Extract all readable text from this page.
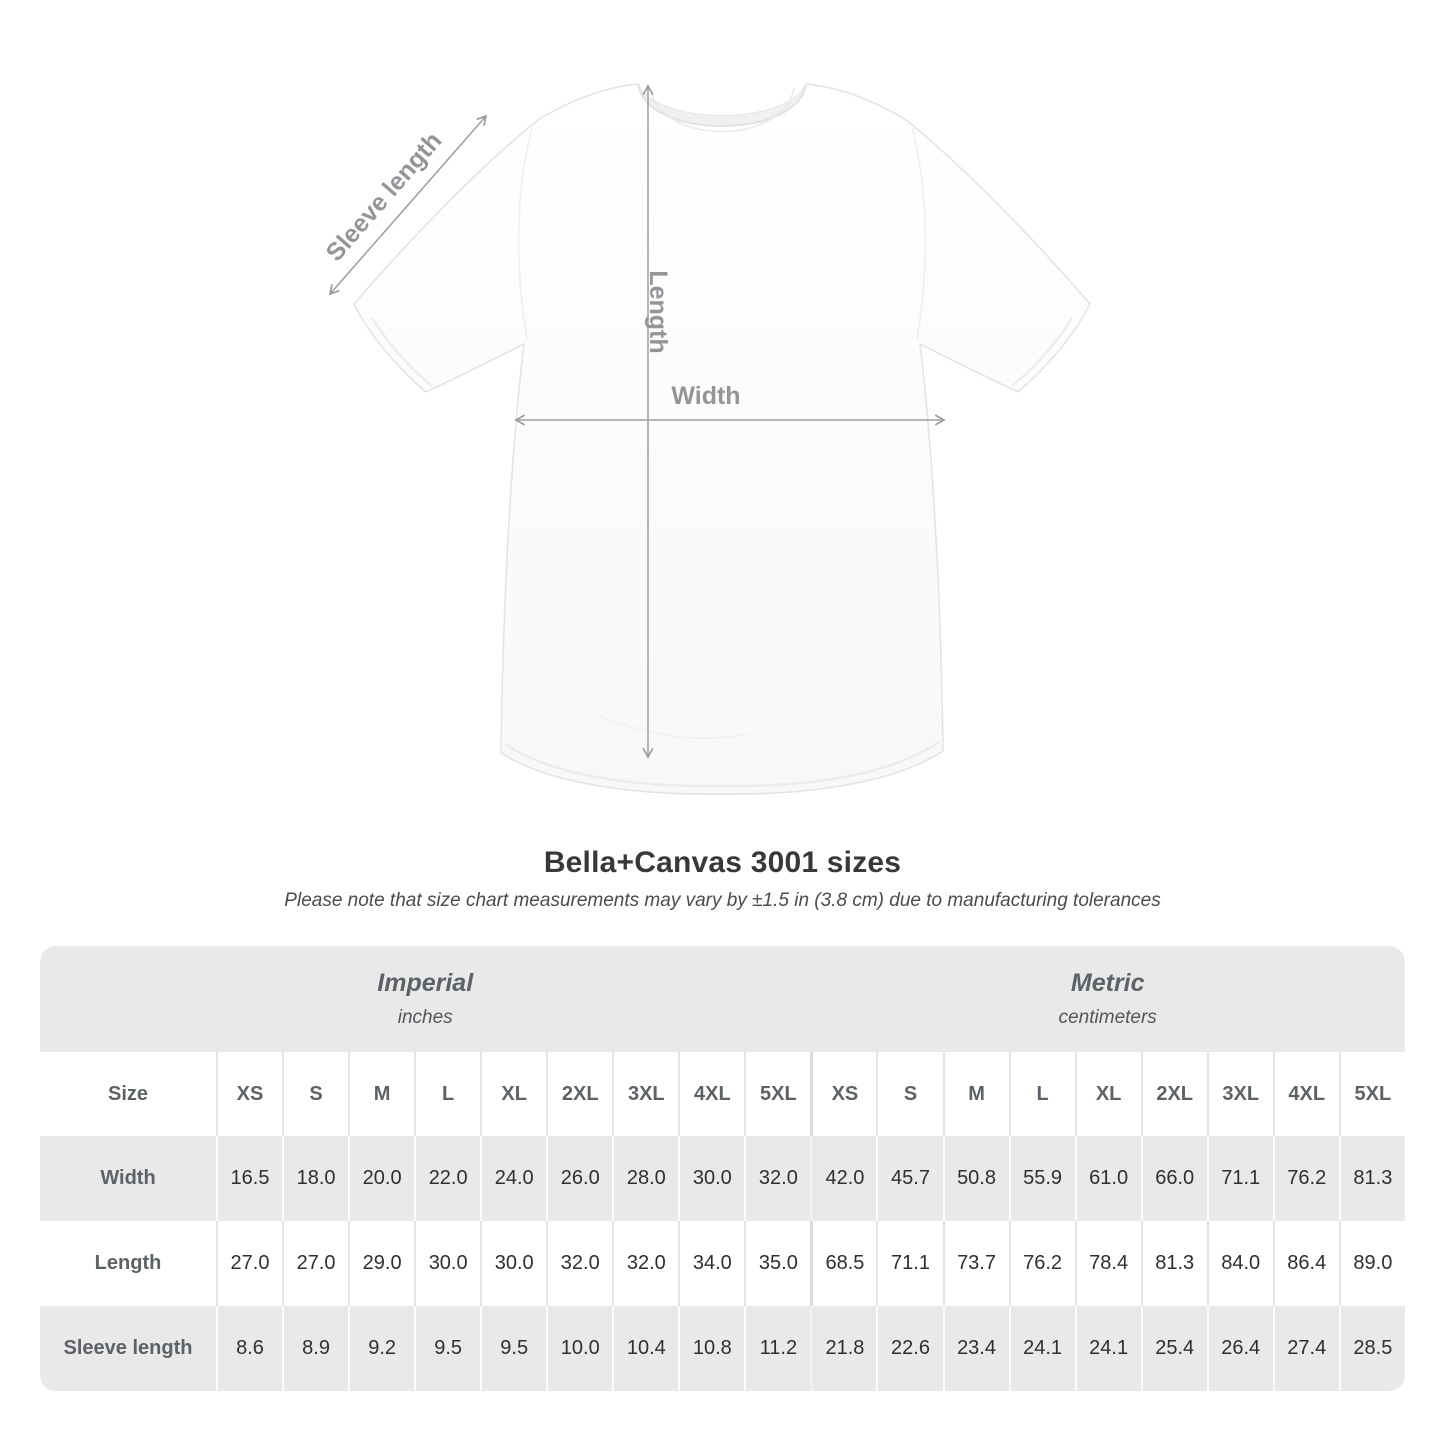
Sleeve length
Length
Width
Bella+Canvas 3001 sizes

Please note that size chart measurements may vary by ±1.5 in (3.8 cm) due to manufacturing tolerances

Imperial
inches

Metric
centimeters

Size	XS	S	M	L	XL	2XL	3XL	4XL	5XL	XS	S	M	L	XL	2XL	3XL	4XL	5XL
Width	16.5	18.0	20.0	22.0	24.0	26.0	28.0	30.0	32.0	42.0	45.7	50.8	55.9	61.0	66.0	71.1	76.2	81.3
Length	27.0	27.0	29.0	30.0	30.0	32.0	32.0	34.0	35.0	68.5	71.1	73.7	76.2	78.4	81.3	84.0	86.4	89.0
Sleeve length	8.6	8.9	9.2	9.5	9.5	10.0	10.4	10.8	11.2	21.8	22.6	23.4	24.1	24.1	25.4	26.4	27.4	28.5
